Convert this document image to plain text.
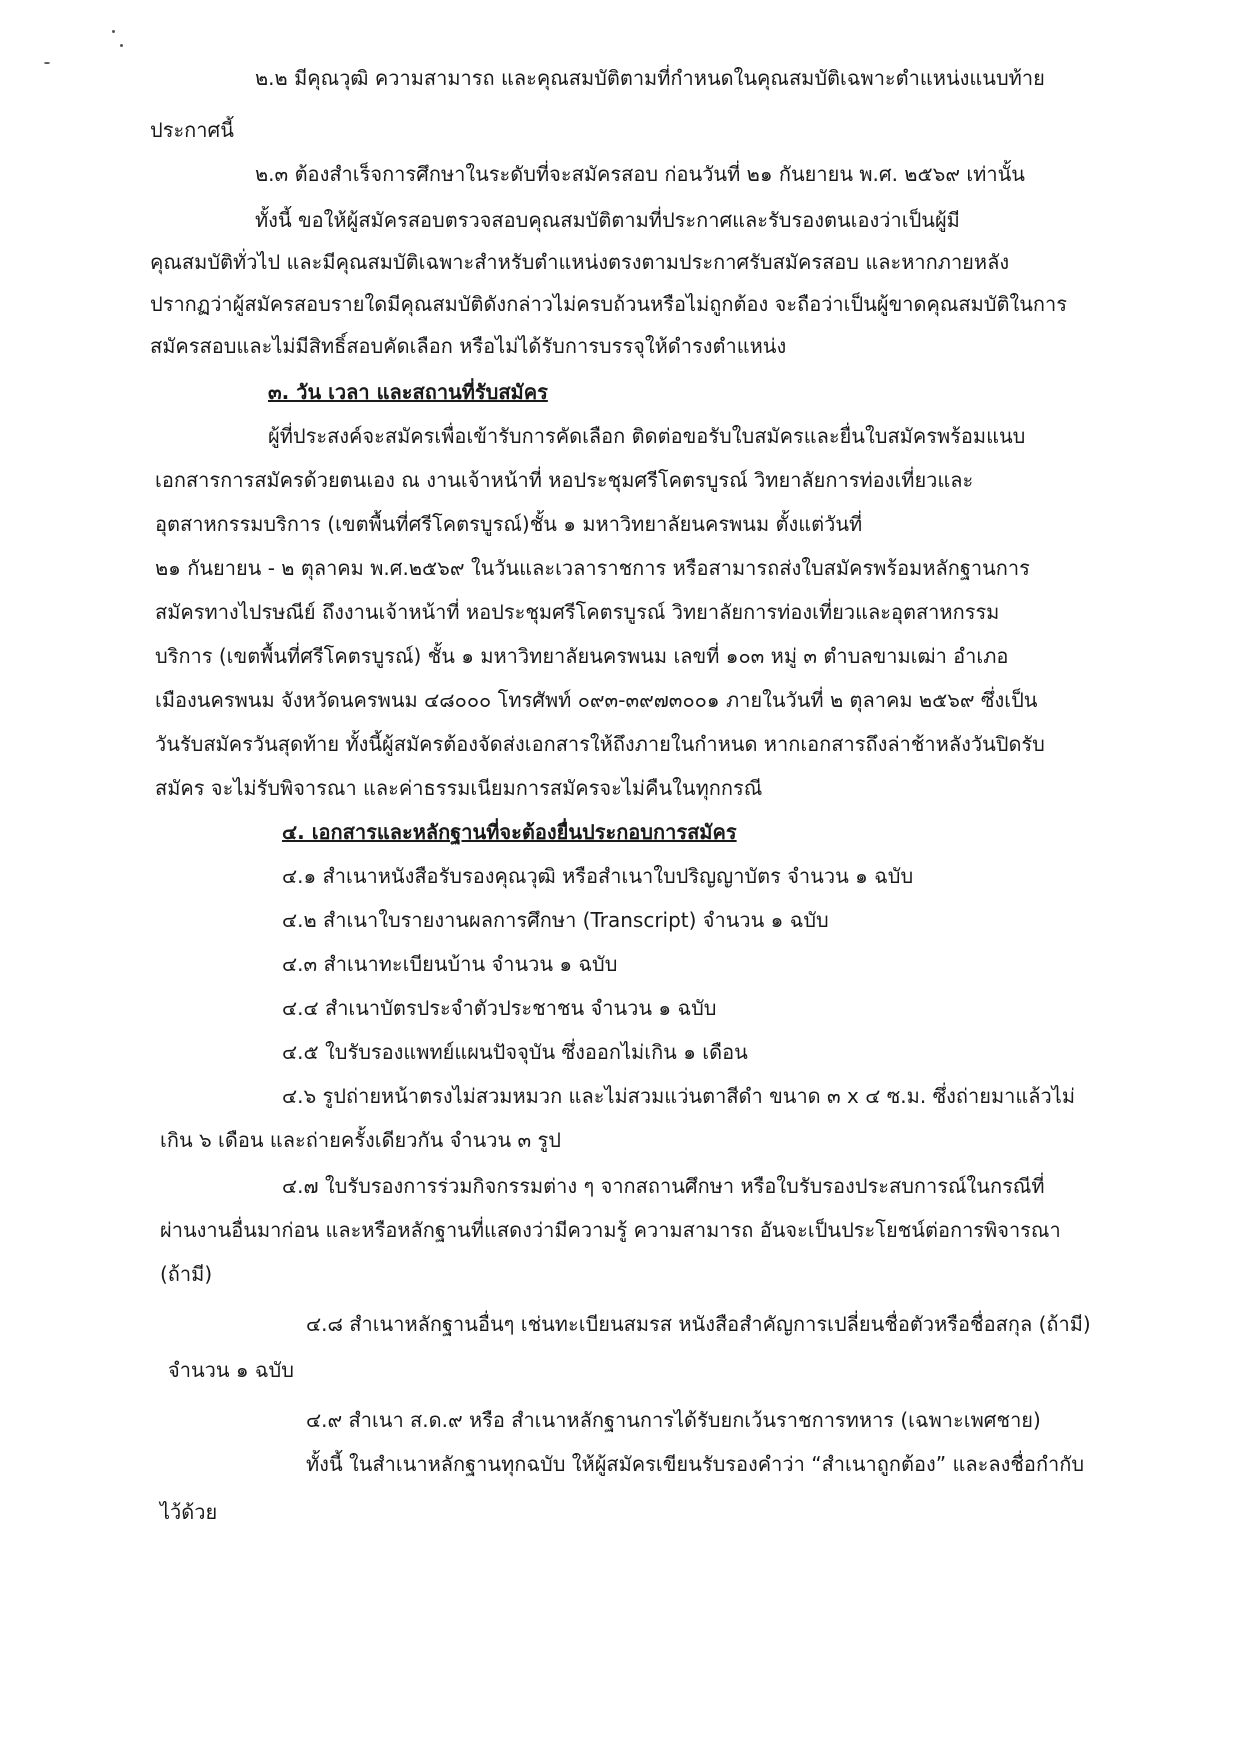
๒.๒ มีคุณวุฒิ ความสามารถ และคุณสมบัติตามที่กำหนดในคุณสมบัติเฉพาะตำแหน่งแนบท้าย
ประกาศนี้
๒.๓ ต้องสำเร็จการศึกษาในระดับที่จะสมัครสอบ ก่อนวันที่ ๒๑ กันยายน พ.ศ. ๒๕๖๙ เท่านั้น
ทั้งนี้ ขอให้ผู้สมัครสอบตรวจสอบคุณสมบัติตามที่ประกาศและรับรองตนเองว่าเป็นผู้มี
คุณสมบัติทั่วไป และมีคุณสมบัติเฉพาะสำหรับตำแหน่งตรงตามประกาศรับสมัครสอบ และหากภายหลัง
ปรากฏว่าผู้สมัครสอบรายใดมีคุณสมบัติดังกล่าวไม่ครบถ้วนหรือไม่ถูกต้อง จะถือว่าเป็นผู้ขาดคุณสมบัติในการ
สมัครสอบและไม่มีสิทธิ์สอบคัดเลือก หรือไม่ได้รับการบรรจุให้ดำรงตำแหน่ง
๓. วัน เวลา และสถานที่รับสมัคร
ผู้ที่ประสงค์จะสมัครเพื่อเข้ารับการคัดเลือก ติดต่อขอรับใบสมัครและยื่นใบสมัครพร้อมแนบ
เอกสารการสมัครด้วยตนเอง ณ งานเจ้าหน้าที่ หอประชุมศรีโคตรบูรณ์ วิทยาลัยการท่องเที่ยวและ
อุตสาหกรรมบริการ (เขตพื้นที่ศรีโคตรบูรณ์)ชั้น ๑ มหาวิทยาลัยนครพนม ตั้งแต่วันที่
๒๑ กันยายน - ๒ ตุลาคม พ.ศ.๒๕๖๙ ในวันและเวลาราชการ หรือสามารถส่งใบสมัครพร้อมหลักฐานการ
สมัครทางไปรษณีย์ ถึงงานเจ้าหน้าที่ หอประชุมศรีโคตรบูรณ์ วิทยาลัยการท่องเที่ยวและอุตสาหกรรม
บริการ (เขตพื้นที่ศรีโคตรบูรณ์) ชั้น ๑ มหาวิทยาลัยนครพนม เลขที่ ๑๐๓ หมู่ ๓ ตำบลขามเฒ่า อำเภอ
เมืองนครพนม จังหวัดนครพนม ๔๘๐๐๐ โทรศัพท์ ๐๙๓-๓๙๗๓๐๐๑ ภายในวันที่ ๒ ตุลาคม ๒๕๖๙ ซึ่งเป็น
วันรับสมัครวันสุดท้าย ทั้งนี้ผู้สมัครต้องจัดส่งเอกสารให้ถึงภายในกำหนด หากเอกสารถึงล่าช้าหลังวันปิดรับ
สมัคร จะไม่รับพิจารณา และค่าธรรมเนียมการสมัครจะไม่คืนในทุกกรณี
๔. เอกสารและหลักฐานที่จะต้องยื่นประกอบการสมัคร
๔.๑ สำเนาหนังสือรับรองคุณวุฒิ หรือสำเนาใบปริญญาบัตร จำนวน ๑ ฉบับ
๔.๒ สำเนาใบรายงานผลการศึกษา (Transcript) จำนวน ๑ ฉบับ
๔.๓ สำเนาทะเบียนบ้าน จำนวน ๑ ฉบับ
๔.๔ สำเนาบัตรประจำตัวประชาชน จำนวน ๑ ฉบับ
๔.๕ ใบรับรองแพทย์แผนปัจจุบัน ซึ่งออกไม่เกิน ๑ เดือน
๔.๖ รูปถ่ายหน้าตรงไม่สวมหมวก และไม่สวมแว่นตาสีดำ ขนาด ๓ x ๔ ซ.ม. ซึ่งถ่ายมาแล้วไม่
เกิน ๖ เดือน และถ่ายครั้งเดียวกัน จำนวน ๓ รูป
๔.๗ ใบรับรองการร่วมกิจกรรมต่าง ๆ จากสถานศึกษา หรือใบรับรองประสบการณ์ในกรณีที่
ผ่านงานอื่นมาก่อน และหรือหลักฐานที่แสดงว่ามีความรู้ ความสามารถ อันจะเป็นประโยชน์ต่อการพิจารณา
(ถ้ามี)
๔.๘ สำเนาหลักฐานอื่นๆ เช่นทะเบียนสมรส หนังสือสำคัญการเปลี่ยนชื่อตัวหรือชื่อสกุล (ถ้ามี)
จำนวน ๑ ฉบับ
๔.๙ สำเนา ส.ด.๙ หรือ สำเนาหลักฐานการได้รับยกเว้นราชการทหาร (เฉพาะเพศชาย)
ทั้งนี้ ในสำเนาหลักฐานทุกฉบับ ให้ผู้สมัครเขียนรับรองคำว่า “สำเนาถูกต้อง” และลงชื่อกำกับ
ไว้ด้วย
